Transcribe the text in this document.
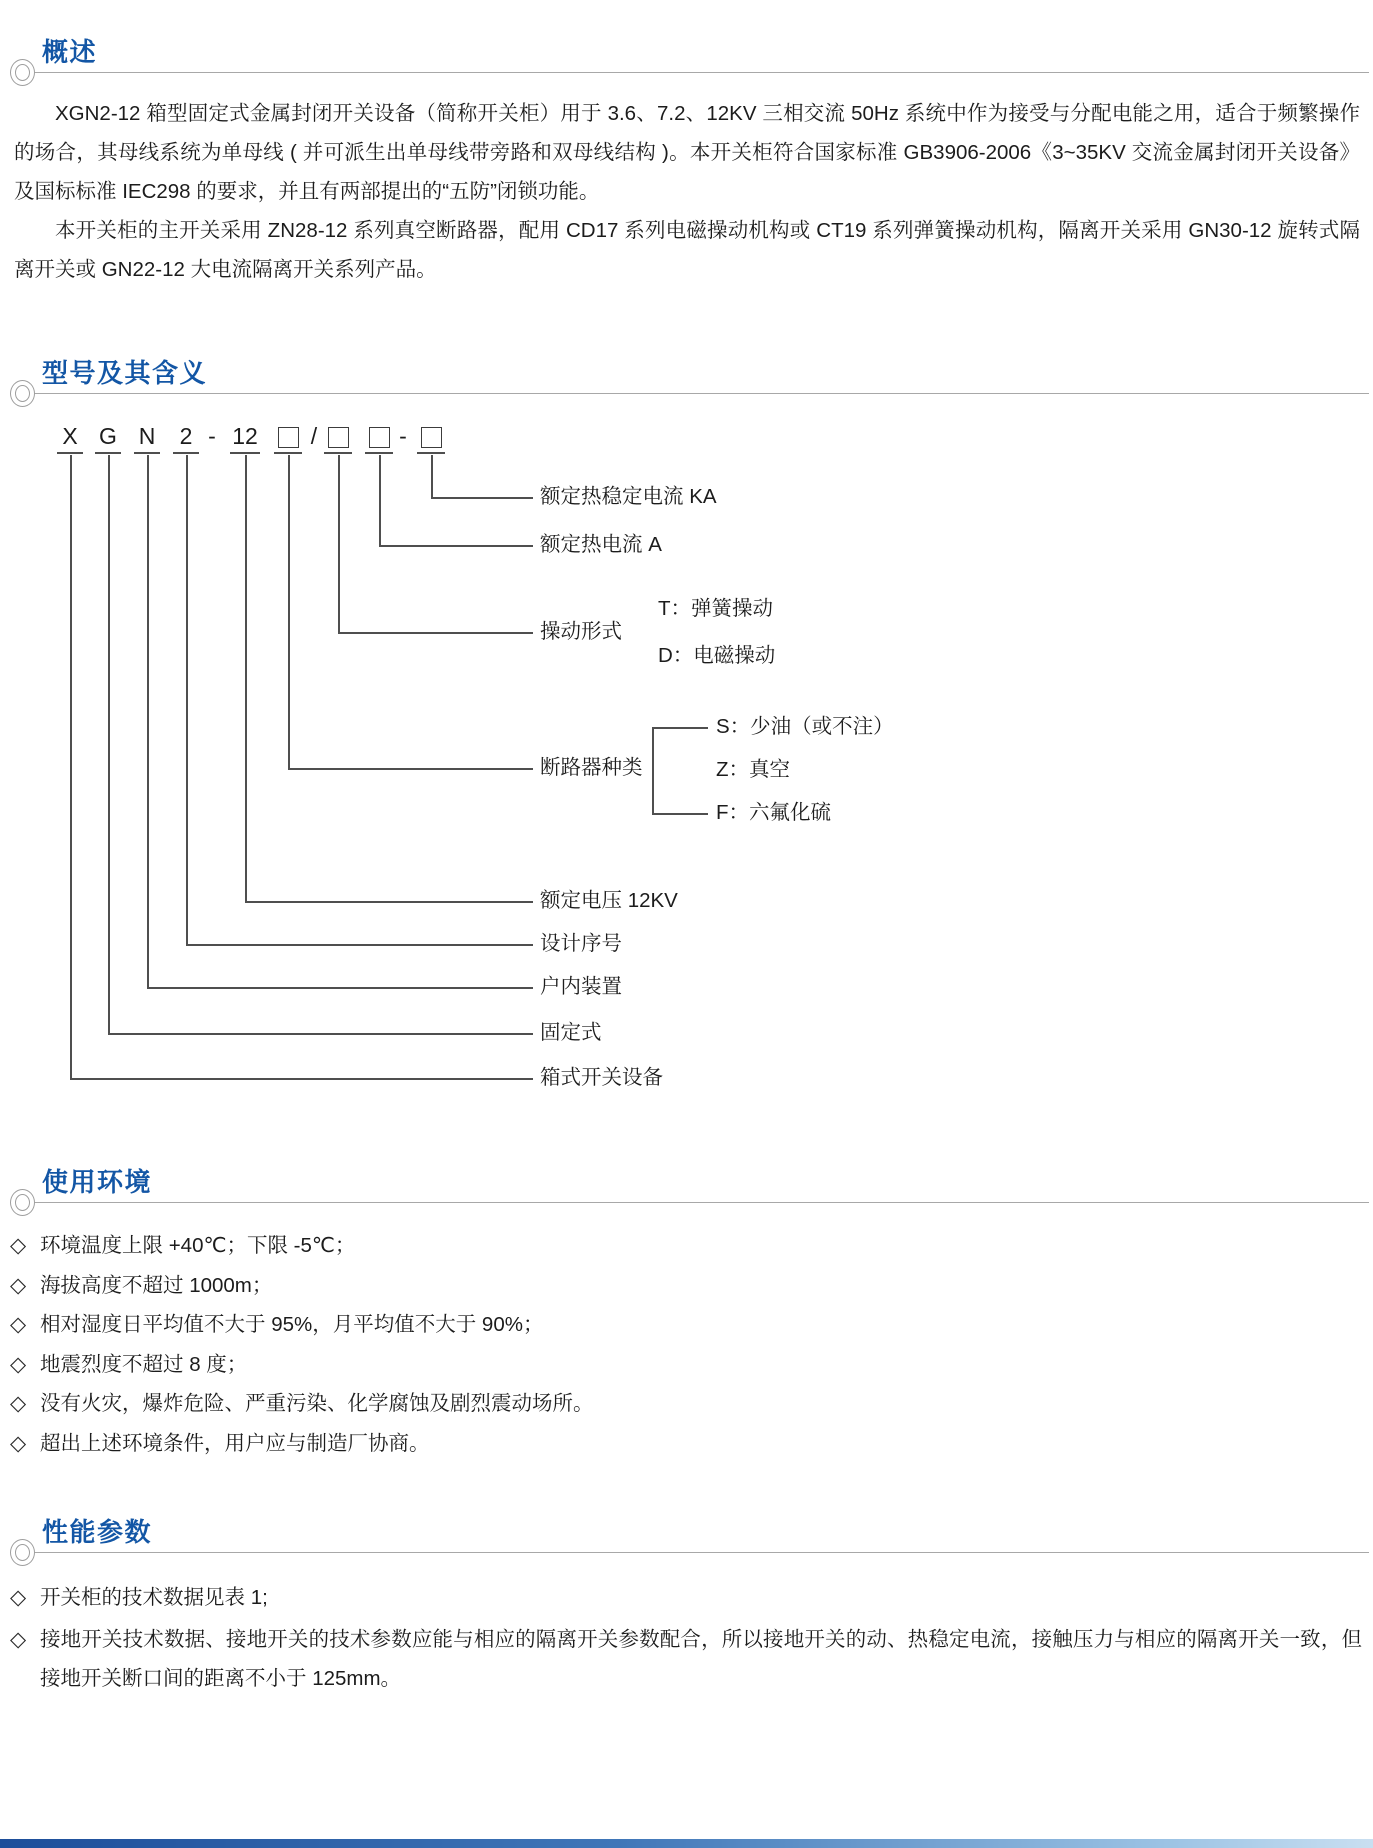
概述

XGN2-12 箱型固定式金属封闭开关设备（简称开关柜）用于 3.6、7.2、12KV 三相交流 50Hz 系统中作为接受与分配电能之用，适合于频繁操作的场合，其母线系统为单母线 ( 并可派生出单母线带旁路和双母线结构 )。本开关柜符合国家标准 GB3906-2006《3~35KV 交流金属封闭开关设备》及国标标准 IEC298 的要求，并且有两部提出的“五防”闭锁功能。

本开关柜的主开关采用 ZN28-12 系列真空断路器，配用 CD17 系列电磁操动机构或 CT19 系列弹簧操动机构，隔离开关采用 GN30-12 旋转式隔离开关或 GN22-12 大电流隔离开关系列产品。

型号及其含义
X G N	2 - 12	/	-
额定热稳定电流 KA
额定热电流 A
操动形式
断路器种类
额定电压 12KV
设计序号
户内装置
固定式
箱式开关设备
T：弹簧操动
D：电磁操动
S：少油（或不注）
Z：真空
F：六氟化硫
使用环境
◇ 环境温度上限 +40℃；下限 -5℃；
◇ 海拔高度不超过 1000m；
◇ 相对湿度日平均值不大于 95%，月平均值不大于 90%；
◇ 地震烈度不超过 8 度；
◇ 没有火灾，爆炸危险、严重污染、化学腐蚀及剧烈震动场所。
◇ 超出上述环境条件，用户应与制造厂协商。
性能参数
◇ 开关柜的技术数据见表 1;
◇ 接地开关技术数据、接地开关的技术参数应能与相应的隔离开关参数配合，所以接地开关的动、热稳定电流，接触压力与相应的隔离开关一致，但接地开关断口间的距离不小于 125mm。
